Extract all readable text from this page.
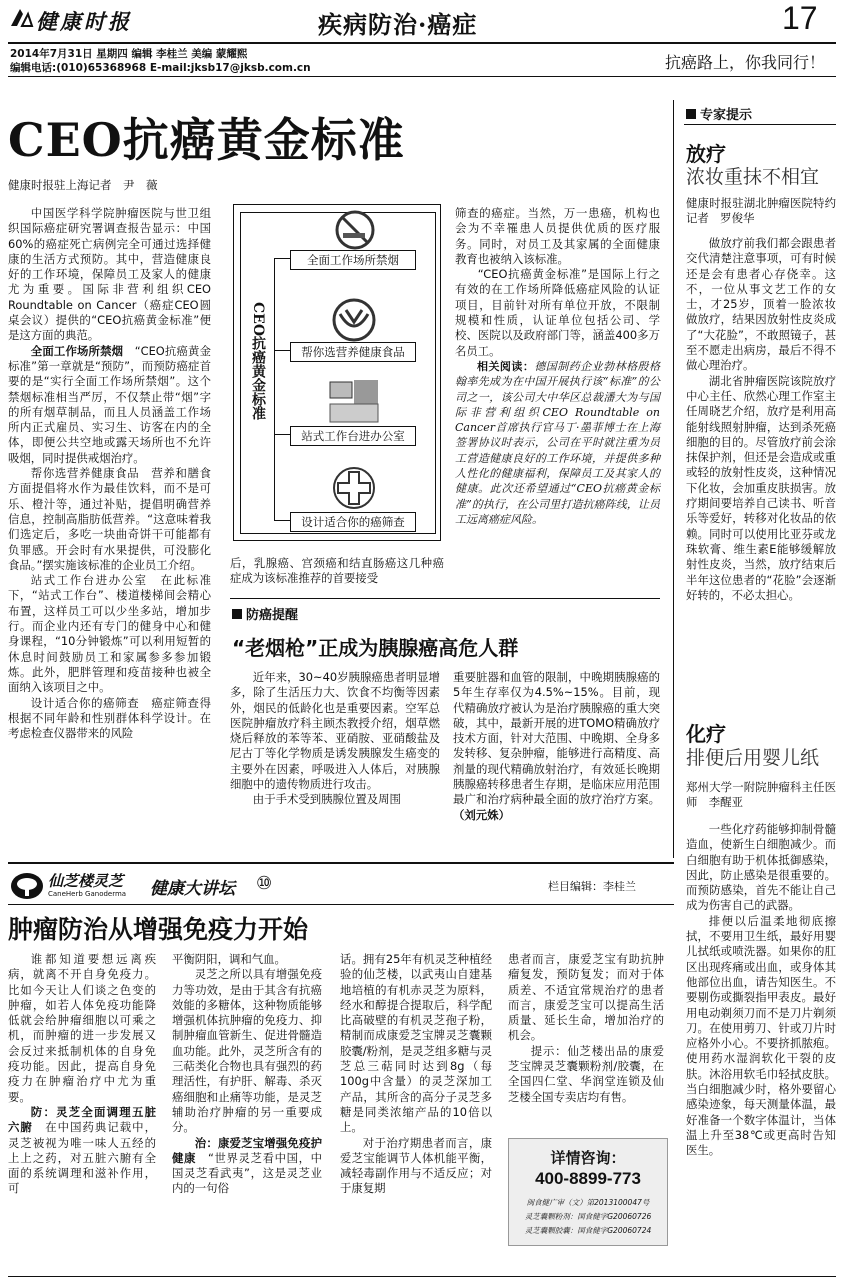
健康时报	疾病防治·癌症	17
2014年7月31日 星期四 编辑 李桂兰 美编 蒙耀熙
编辑电话:(010)65368968 E-mail:jksb17@jksb.com.cn	抗癌路上，你我同行！
CEO抗癌黄金标准
健康时报驻上海记者　尹　薇

中国医学科学院肿瘤医院与世卫组织国际癌症研究署调查报告显示：中国60%的癌症死亡病例完全可通过选择健康的生活方式预防。其中，营造健康良好的工作环境，保障员工及家人的健康尤为重要。国际非营利组织CEO Roundtable on Cancer（癌症CEO圆桌会议）提供的“CEO抗癌黄金标准”便是这方面的典范。

全面工作场所禁烟　“CEO抗癌黄金标准”第一章就是“预防”，而预防癌症首要的是“实行全面工作场所禁烟”。这个禁烟标准相当严厉，不仅禁止带“烟”字的所有烟草制品，而且人员涵盖工作场所内正式雇员、实习生、访客在内的全体，即便公共空地或露天场所也不允许吸烟，同时提供戒烟治疗。

帮你选营养健康食品　营养和膳食方面提倡将水作为最佳饮料，而不是可乐、橙汁等，通过补贴，提倡明确营养信息，控制高脂肪低营养。“这意味着我们选定后，多吃一块曲奇饼干可能都有负罪感。开会时有水果提供，可没膨化食品。”摆实施该标准的企业员工介绍。

站式工作台进办公室　在此标准下，“站式工作台”、楼道楼梯间会精心布置，这样员工可以少坐多站，增加步行。而企业内还有专门的健身中心和健身课程，“10分钟锻炼”可以利用短暂的休息时间鼓励员工和家属参多参加锻炼。此外，肥胖管理和疫苗接种也被全面纳入该项目之中。

设计适合你的癌筛查　癌症筛查得根据不同年龄和性别群体科学设计。在考虑检查仪器带来的风险

CEO抗癌黄金标准
全面工作场所禁烟
帮你选营养健康食品
站式工作台进办公室
设计适合你的癌筛查

后，乳腺癌、宫颈癌和结直肠癌这几种癌症成为该标准推荐的首要接受

筛查的癌症。当然，万一患癌，机构也会为不幸罹患人员提供优质的医疗服务。同时，对员工及其家属的全面健康教育也被纳入该标准。

“CEO抗癌黄金标准”是国际上行之有效的在工作场所降低癌症风险的认证项目，目前针对所有单位开放，不限制规模和性质，认证单位包括公司、学校、医院以及政府部门等，涵盖400多万名员工。

相关阅读：德国制药企业勃林格殷格翰率先成为在中国开展执行该“标准”的公司之一，该公司大中华区总裁潘大为与国际非营利组织CEO Roundtable on Cancer首席执行官马丁·墨菲博士在上海签署协议时表示，公司在平时就注重为员工营造健康良好的工作环境，并提供多种人性化的健康福利，保障员工及其家人的健康。此次还希望通过“CEO抗癌黄金标准”的执行，在公司里打造抗癌阵线，让员工远离癌症风险。

防癌提醒
“老烟枪”正成为胰腺癌高危人群

近年来，30~40岁胰腺癌患者明显增多，除了生活压力大、饮食不均衡等因素外，烟民的低龄化也是重要因素。空军总医院肿瘤放疗科主顾杰教授介绍，烟草燃烧后释放的苯等苯、亚硝胺、亚硝酸盐及尼古丁等化学物质是诱发胰腺发生癌变的主要外在因素，呼吸进入人体后，对胰腺细胞中的遗传物质进行攻击。

由于手术受到胰腺位置及周围

重要脏器和血管的限制，中晚期胰腺癌的5年生存率仅为4.5%~15%。目前，现代精确放疗被认为是治疗胰腺癌的重大突破，其中，最新开展的进TOMO精确放疗技术方面，针对大范围、中晚期、全身多发转移、复杂肿瘤，能够进行高精度、高剂量的现代精确放射治疗，有效延长晚期胰腺癌转移患者生存期，是临床应用范围最广和治疗病种最全面的放疗治疗方案。（刘元姝）

专家提示
放疗
浓妆重抹不相宜
健康时报驻湖北肿瘤医院特约记者　罗俊华

做放疗前我们都会跟患者交代清楚注意事项，可有时候还是会有患者心存侥幸。这不，一位从事文艺工作的女士，才25岁，顶着一脸浓妆做放疗，结果因放射性皮炎成了“大花脸”，不敢照镜子，甚至不愿走出病房，最后不得不做心理治疗。

湖北省肿瘤医院该院放疗中心主任、欣然心理工作室主任周晓艺介绍，放疗是利用高能射线照射肿瘤，达到杀死癌细胞的目的。尽管放疗前会涂抹保护剂，但还是会造成或重或轻的放射性皮炎，这种情况下化妆，会加重皮肤损害。放疗期间要培养自己读书、听音乐等爱好，转移对化妆品的依赖。同时可以使用比亚芬或龙珠软膏、维生素E能够缓解放射性皮炎，当然，放疗结束后半年这位患者的“花脸”会逐渐好转的，不必太担心。

化疗
排便后用婴儿纸
郑州大学一附院肿瘤科主任医师　李醒亚

一些化疗药能够抑制骨髓造血，使新生白细胞减少。而白细胞有助于机体抵御感染，因此，防止感染是很重要的。而预防感染，首先不能让自己成为伤害自己的武器。

排便以后温柔地彻底擦拭，不要用卫生纸，最好用婴儿拭纸或喷洗器。如果你的肛区出现疼痛或出血，或身体其他部位出血，请告知医生。不要剔伤或撕裂指甲表皮。最好用电动剃须刀而不是刀片剃须刀。在使用剪刀、针或刀片时应格外小心。不要挤抓脓疱。使用药水湿润软化干裂的皮肤。沐浴用软毛巾轻拭皮肤。当白细胞减少时，格外要留心感染迹象，每天测量体温，最好准备一个数字体温计，当体温上升至38℃或更高时告知医生。

仙芝楼灵芝
CaneHerb Ganoderma 健康大讲坛 ⑩	栏目编辑：李桂兰
肿瘤防治从增强免疫力开始

谁都知道要想远离疾病，就离不开自身免疫力。比如今天让人们谈之色变的肿瘤，如若人体免疫功能降低就会给肿瘤细胞以可乘之机，而肿瘤的进一步发展又会反过来抵制机体的自身免疫功能。因此，提高自身免疫力在肿瘤治疗中尤为重要。

防：灵芝全面调理五脏六腑　 在中国药典记载中，灵芝被视为唯一味人五经的上上之药，对五脏六腑有全面的系统调理和滋补作用，可

平衡阴阳，调和气血。

灵芝之所以具有增强免疫力等功效，是由于其含有抗癌效能的多糖体，这种物质能够增强机体抗肿瘤的免疫力、抑制肿瘤血管新生、促进骨髓造血功能。此外，灵芝所含有的三萜类化合物也具有强烈的药理活性，有护肝、解毒、杀灭癌细胞和止痛等功能，是灵芝辅助治疗肿瘤的另一重要成分。

治：康爱芝宝增强免疫护健康　 “世界灵芝看中国，中国灵芝看武夷”，这是灵芝业内的一句俗

话。拥有25年有机灵芝种植经验的仙芝楼，以武夷山自建基地培植的有机赤灵芝为原料，经水和醇提合提取后，科学配比高破壁的有机灵芝孢子粉，精制而成康爱芝宝牌灵芝囊颗胶囊/粉剂，是灵芝组多糖与灵芝总三萜同时达到8g（每100g中含量）的灵芝深加工产品，其所含的高分子灵芝多糖是同类浓缩产品的10倍以上。

对于治疗期患者而言，康爱芝宝能调节人体机能平衡，减轻毒副作用与不适反应；对于康复期

患者而言，康爱芝宝有助抗肿瘤复发，预防复发；而对于体质差、不适宜常规治疗的患者而言，康爱芝宝可以提高生活质量、延长生命，增加治疗的机会。

提示：仙芝楼出品的康爱芝宝牌灵芝囊颗粉剂/胶囊，在全国四仁堂、华润堂连锁及仙芝楼全国专卖店均有售。

详情咨询：
400-8899-773
闽食健广审（文）第2013100047号
灵芝囊颗粉剂：国食健字G20060726
灵芝囊颗胶囊：国食健字G20060724
